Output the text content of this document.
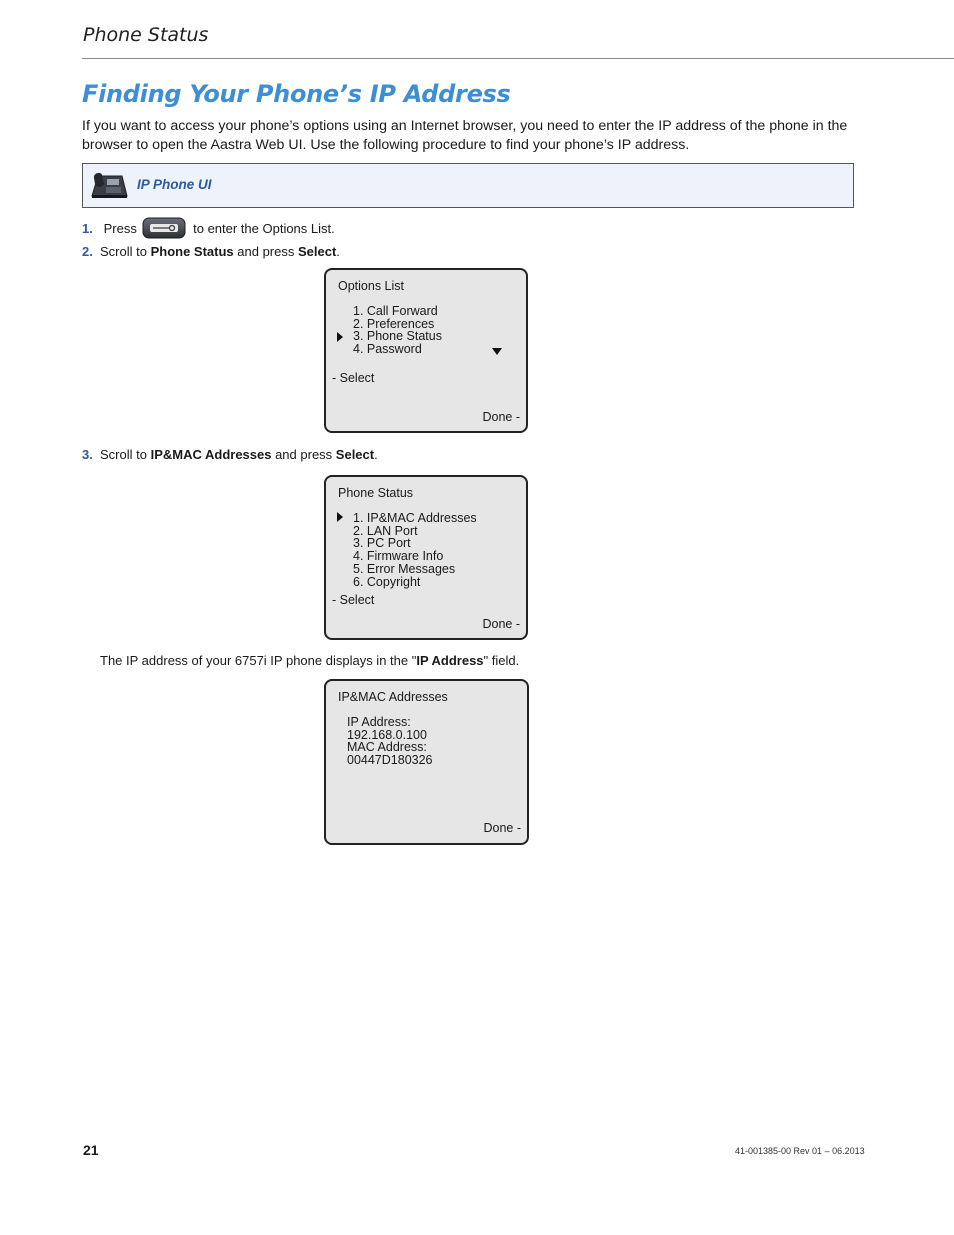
Phone Status
Finding Your Phone’s IP Address
If you want to access your phone’s options using an Internet browser, you need to enter the IP address of the phone in the browser to open the Aastra Web UI. Use the following procedure to find your phone’s IP address.
IP Phone UI
1. Press	to enter the Options List.
2. Scroll to Phone Status and press Select.
Options List
1. Call Forward
2. Preferences
3. Phone Status
4. Password
- Select
Done -
3. Scroll to IP&MAC Addresses and press Select.
Phone Status
1. IP&MAC Addresses
2. LAN Port
3. PC Port
4. Firmware Info
5. Error Messages
6. Copyright
- Select
Done -
The IP address of your 6757i IP phone displays in the "IP Address" field.
IP&MAC Addresses
IP Address:
192.168.0.100
MAC Address:
00447D180326
Done -
21	41-001385-00 Rev 01 – 06.2013
